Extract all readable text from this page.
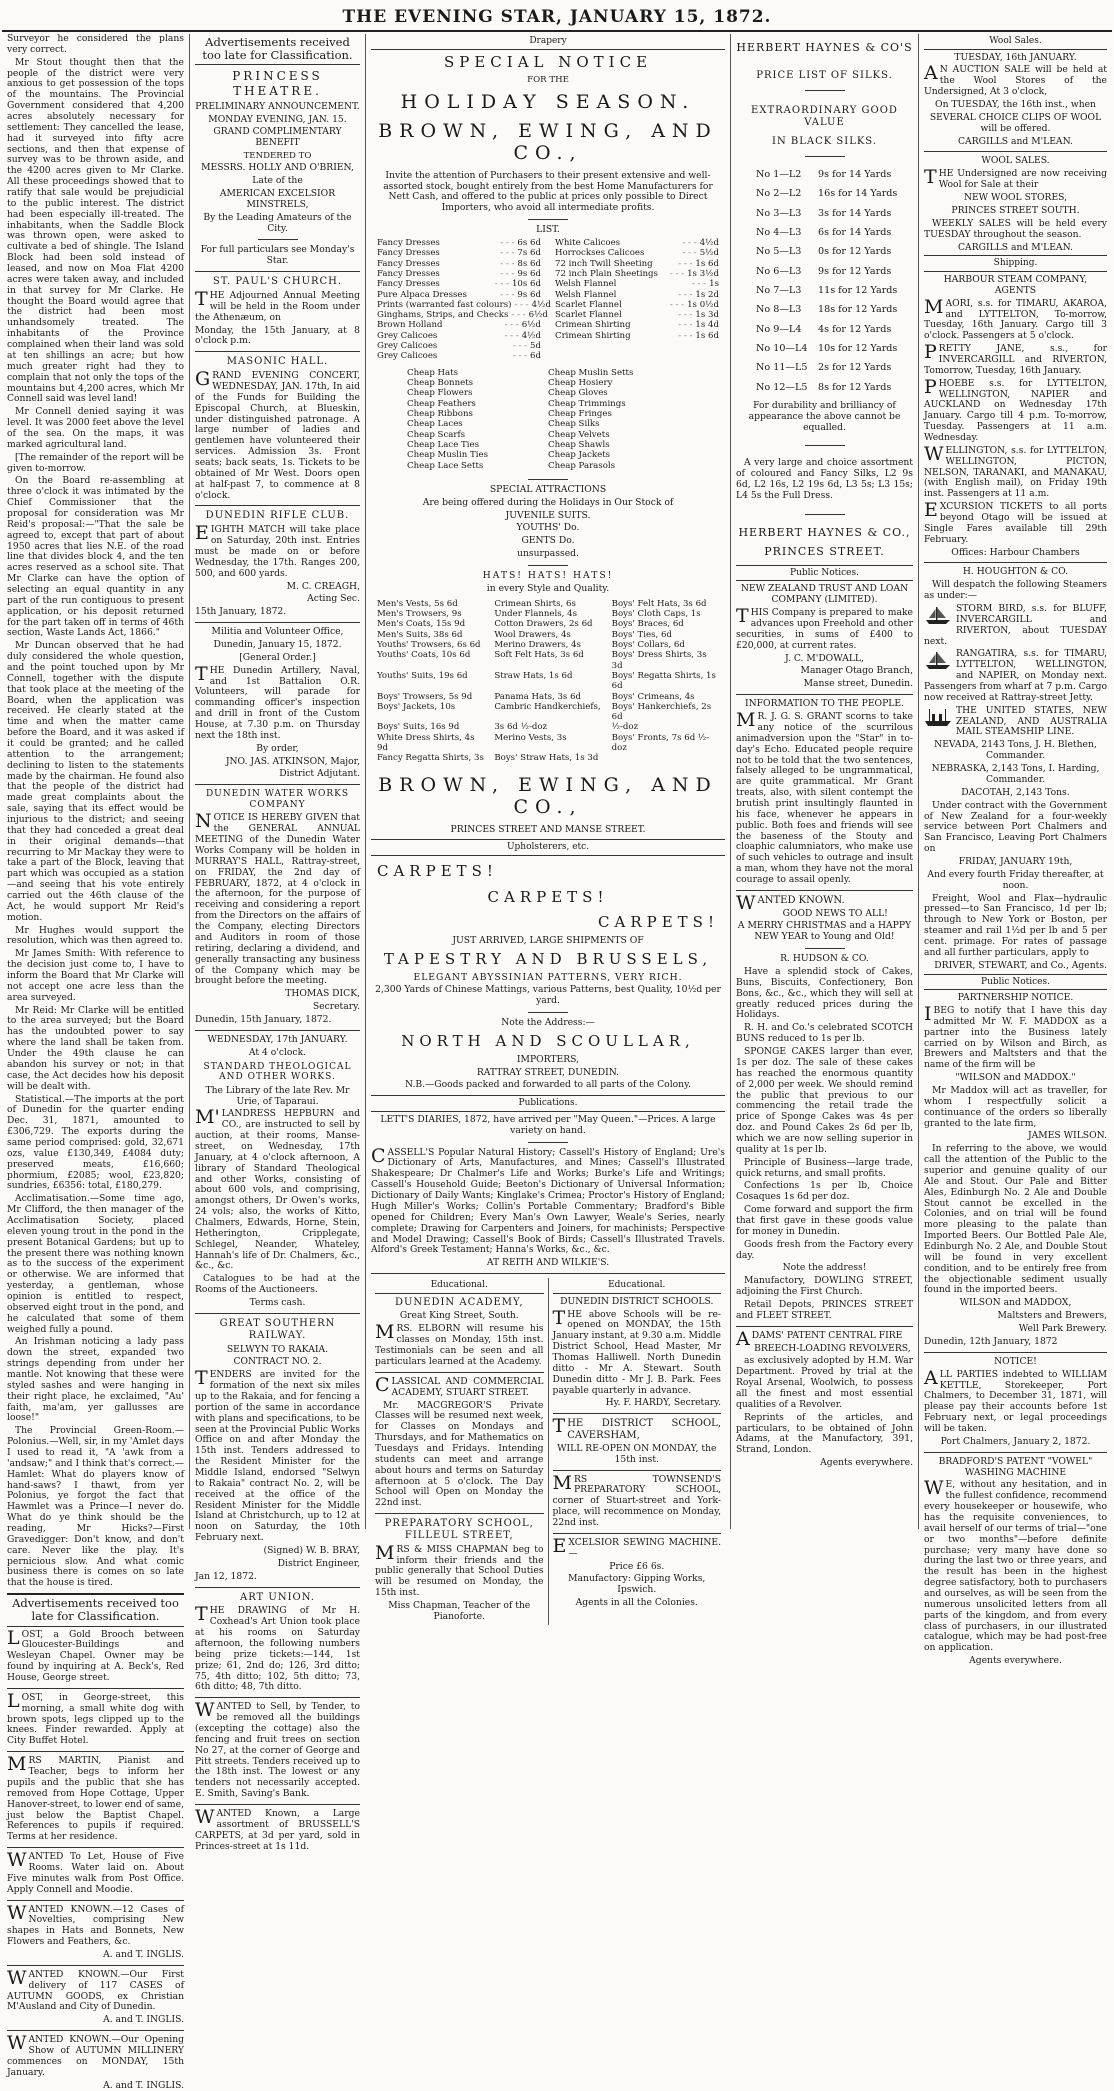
THE EVENING STAR, JANUARY 15, 1872.

Surveyor he considered the plans very correct.

Mr Stout thought then that the people of the district were very anxious to get possession of the tops of the mountains. The Provincial Government considered that 4,200 acres absolutely necessary for settlement: They cancelled the lease, had it surveyed into fifty acre sections, and then that expense of survey was to be thrown aside, and the 4200 acres given to Mr Clarke. All these proceedings showed that to ratify that sale would be prejudicial to the public interest. The district had been especially ill-treated. The inhabitants, when the Saddle Block was thrown open, were asked to cultivate a bed of shingle. The Island Block had been sold instead of leased, and now on Moa Flat 4200 acres were taken away, and included in that survey for Mr Clarke. He thought the Board would agree that the district had been most unhandsomely treated. The inhabitants of the Province complained when their land was sold at ten shillings an acre; but how much greater right had they to complain that not only the tops of the mountains but 4,200 acres, which Mr Connell said was level land!

Mr Connell denied saying it was level. It was 2000 feet above the level of the sea. On the maps, it was marked agricultural land.

[The remainder of the report will be given to-morrow.

On the Board re-assembling at three o'clock it was intimated by the Chief Commissioner that the proposal for consideration was Mr Reid's proposal:—"That the sale be agreed to, except that part of about 1950 acres that lies N.E. of the road line that divides block 4, and the ten acres reserved as a school site. That Mr Clarke can have the option of selecting an equal quantity in any part of the run contiguous to present application, or his deposit returned for the part taken off in terms of 46th section, Waste Lands Act, 1866."

Mr Duncan observed that he had duly considered the whole question, and the point touched upon by Mr Connell, together with the dispute that took place at the meeting of the Board, when the application was received. He clearly stated at the time and when the matter came before the Board, and it was asked if it could be granted; and he called attention to the arrangement; declining to listen to the statements made by the chairman. He found also that the people of the district had made great complaints about the sale, saying that its effect would be injurious to the district; and seeing that they had conceded a great deal in their original demands—that recurring to Mr Mackay they were to take a part of the Block, leaving that part which was occupied as a station—and seeing that his vote entirely carried out the 46th clause of the Act, he would support Mr Reid's motion.

Mr Hughes would support the resolution, which was then agreed to.

Mr James Smith: With reference to the decision just come to, I have to inform the Board that Mr Clarke will not accept one acre less than the area surveyed.

Mr Reid: Mr Clarke will be entitled to the area surveyed; but the Board has the undoubted power to say where the land shall be taken from. Under the 49th clause he can abandon his survey or not; in that case, the Act decides how his deposit will be dealt with.

Statistical.—The imports at the port of Dunedin for the quarter ending Dec. 31, 1871, amounted to £306,729. The exports during the same period comprised: gold, 32,671 ozs, value £130,349, £4084 duty; preserved meats, £16,660; phormium, £2085; wool, £23,820; sundries, £6356: total, £180,279.

Acclimatisation.—Some time ago, Mr Clifford, the then manager of the Acclimatisation Society, placed eleven young trout in the pond in the present Botanical Gardens; but up to the present there was nothing known as to the success of the experiment or otherwise. We are informed that yesterday, a gentleman, whose opinion is entitled to respect, observed eight trout in the pond, and he calculated that some of them weighed fully a pound.

An Irishman noticing a lady pass down the street, expanded two strings depending from under her mantle. Not knowing that these were styled sashes and were hanging in their right place, he exclaimed, "Au' faith, ma'am, yer gallusses are loose!"

The Provincial Green-Room.—Polonius.—Well, sir, in my 'Amlet days I used to read it, "A 'awk from a 'andsaw;" and I think that's correct.—Hamlet: What do players know of hand-saws? I thawt, from yer Polonius, ye forgot the fact that Hawmlet was a Prince—I never do. What do ye think should be the reading, Mr Hicks?—First Gravedigger: Don't know, and don't care. Never like the play. It's pernicious slow. And what comic business there is comes on so late that the house is tired.

Advertisements received too late for Classification.

LOST, a Gold Brooch between Gloucester-Buildings and Wesleyan Chapel. Owner may be found by inquiring at A. Beck's, Red House, George street.

LOST, in George-street, this morning, a small white dog with brown spots, legs clipped up to the knees. Finder rewarded. Apply at City Buffet Hotel.

MRS MARTIN, Pianist and Teacher, begs to inform her pupils and the public that she has removed from Hope Cottage, Upper Hanover-street, to lower end of same, just below the Baptist Chapel. References to pupils if required. Terms at her residence.

WANTED To Let, House of Five Rooms. Water laid on. About Five minutes walk from Post Office. Apply Connell and Moodie.

WANTED KNOWN.—12 Cases of Novelties, comprising New shapes in Hats and Bonnets, New Flowers and Feathers, &c.

A. and T. INGLIS.

WANTED KNOWN.—Our First delivery of 117 CASES of AUTUMN GOODS, ex Christian M'Ausland and City of Dunedin.

A. and T. INGLIS.

WANTED KNOWN.—Our Opening Show of AUTUMN MILLINERY commences on MONDAY, 15th January.

A. and T. INGLIS.

Advertisements received too late for Classification.
PRINCESS THEATRE.

PRELIMINARY ANNOUNCEMENT.

MONDAY EVENING, JAN. 15.

GRAND COMPLIMENTARY BENEFIT

TENDERED TO

MESSRS. HOLLY AND O'BRIEN,

Late of the

AMERICAN EXCELSIOR MINSTRELS,

By the Leading Amateurs of the City.

For full particulars see Monday's Star.

ST. PAUL'S CHURCH.

THE Adjourned Annual Meeting will be held in the Room under the Athenæum, on

Monday, the 15th January, at 8 o'clock p.m.

MASONIC HALL.

GRAND EVENING CONCERT, WEDNESDAY, JAN. 17th, In aid of the Funds for Building the Episcopal Church, at Blueskin, under distinguished patronage. A large number of ladies and gentlemen have volunteered their services. Admission 3s. Front seats; back seats, 1s. Tickets to be obtained of Mr West. Doors open at half-past 7, to commence at 8 o'clock.

DUNEDIN RIFLE CLUB.

EIGHTH MATCH will take place on Saturday, 20th inst. Entries must be made on or before Wednesday, the 17th. Ranges 200, 500, and 600 yards.

M. C. CREAGH,

Acting Sec.

15th January, 1872.

Militia and Volunteer Office,

Dunedin, January 15, 1872.

[General Order.]

THE Dunedin Artillery, Naval, and 1st Battalion O.R. Volunteers, will parade for commanding officer's inspection and drill in front of the Custom House, at 7.30 p.m. on Thursday next the 18th inst.

By order,

JNO. JAS. ATKINSON, Major,

District Adjutant.

DUNEDIN WATER WORKS COMPANY

NOTICE IS HEREBY GIVEN that the GENERAL ANNUAL MEETING of the Dunedin Water Works Company will be holden in MURRAY'S HALL, Rattray-street, on FRIDAY, the 2nd day of FEBRUARY, 1872, at 4 o'clock in the afternoon, for the purpose of receiving and considering a report from the Directors on the affairs of the Company, electing Directors and Auditors in room of those retiring, declaring a dividend, and generally transacting any business of the Company which may be brought before the meeting.

THOMAS DICK,

Secretary.

Dunedin, 15th January, 1872.

WEDNESDAY, 17th JANUARY.

At 4 o'clock.

STANDARD THEOLOGICAL AND OTHER WORKS.

The Library of the late Rev. Mr Urie, of Taparaui.

M'LANDRESS HEPBURN and CO., are instructed to sell by auction, at their rooms, Manse-street, on Wednesday, 17th January, at 4 o'clock afternoon, A library of Standard Theological and other Works, consisting of about 600 vols, and comprising, amongst others, Dr Owen's works, 24 vols; also, the works of Kitto, Chalmers, Edwards, Horne, Stein, Hetherington, Cripplegate, Schlegel, Neander, Whateley, Hannah's life of Dr. Chalmers, &c., &c., &c.

Catalogues to be had at the Rooms of the Auctioneers.

Terms cash.

GREAT SOUTHERN RAILWAY.

SELWYN TO RAKAIA.

CONTRACT NO. 2.

TENDERS are invited for the formation of the next six miles up to the Rakaia, and for fencing a portion of the same in accordance with plans and specifications, to be seen at the Provincial Public Works Office on and after Monday the 15th inst. Tenders addressed to the Resident Minister for the Middle Island, endorsed "Selwyn to Rakaia" contract No. 2, will be received at the office of the Resident Minister for the Middle Island at Christchurch, up to 12 at noon on Saturday, the 10th February next.

(Signed) W. B. BRAY,

District Engineer,

Jan 12, 1872.

ART UNION.

THE DRAWING of Mr H. Coxhead's Art Union took place at his rooms on Saturday afternoon, the following numbers being prize tickets:—144, 1st prize; 61, 2nd do; 126, 3rd ditto; 75, 4th ditto; 102, 5th ditto; 73, 6th ditto; 48, 7th ditto.

WANTED to Sell, by Tender, to be removed all the buildings (excepting the cottage) also the fencing and fruit trees on section No 27, at the corner of George and Pitt streets. Tenders received up to the 18th inst. The lowest or any tenders not necessarily accepted. E. Smith, Saving's Bank.

WANTED Known, a Large assortment of BRUSSELL'S CARPETS, at 3d per yard, sold in Princes-street at 1s 11d.

Drapery
SPECIAL NOTICE

FOR THE

HOLIDAY SEASON.
BROWN, EWING, AND CO.,

Invite the attention of Purchasers to their present extensive and well-assorted stock, bought entirely from the best Home Manufacturers for Nett Cash, and offered to the public at prices only possible to Direct Importers, who avoid all intermediate profits.

LIST.

Fancy Dresses	- - - 6s 6d
Fancy Dresses	- - - 7s 6d
Fancy Dresses	- - - 8s 6d
Fancy Dresses	- - - 9s 6d
Fancy Dresses	- - - 10s 6d
Pure Alpaca Dresses	- - - 9s 6d
Prints (warranted fast colours) - - - 4½d
Ginghams, Strips, and Checks - - - 6½d
Brown Holland	- - - 6½d
Grey Calicoes	- - - 4½d
Grey Calicoes	- - - 5d
Grey Calicoes	- - - 6d
White Calicoes	- - - 4½d
Horrockses Calicoes	- - - 5½d
72 inch Twill Sheeting	- - - 1s 6d
72 inch Plain Sheetings	- - - 1s 3½d
Welsh Flannel	- - - 1s
Welsh Flannel	- - - 1s 2d
Scarlet Flannel	- - - 1s 0½d
Scarlet Flannel	- - - 1s 3d
Crimean Shirting	- - - 1s 4d
Crimean Shirting	- - - 1s 6d
Cheap Hats
Cheap Bonnets
Cheap Flowers
Cheap Feathers
Cheap Ribbons
Cheap Laces
Cheap Scarfs
Cheap Lace Ties
Cheap Muslin Ties
Cheap Lace Setts
Cheap Muslin Setts
Cheap Hosiery
Cheap Gloves
Cheap Trimmings
Cheap Fringes
Cheap Silks
Cheap Velvets
Cheap Shawls
Cheap Jackets
Cheap Parasols

SPECIAL ATTRACTIONS

Are being offered during the Holidays in Our Stock of

JUVENILE SUITS.

YOUTHS' Do.

GENTS Do.

unsurpassed.

HATS! HATS! HATS!

in every Style and Quality.

Men's Vests, 5s 6d	Crimean Shirts, 6s	Boys' Felt Hats, 3s 6d
Men's Trowsers, 9s	Under Flannels, 4s	Boys' Cloth Caps, 1s
Men's Coats, 15s 9d	Cotton Drawers, 2s 6d	Boys' Braces, 6d
Men's Suits, 38s 6d	Wool Drawers, 4s	Boys' Ties, 6d
Youths' Trowsers, 6s 6d	Merino Drawers, 4s	Boys' Collars, 6d
Youths' Coats, 10s 6d	Soft Felt Hats, 3s 6d	Boys' Dress Shirts, 3s 3d
Youths' Suits, 19s 6d	Straw Hats, 1s 6d	Boys' Regatta Shirts, 1s 6d
Boys' Trowsers, 5s 9d	Panama Hats, 3s 6d	Boys' Crimeans, 4s
Boys' Jackets, 10s	Cambric Handkerchiefs, Boys' Hankerchiefs, 2s 6d
Boys' Suits, 16s 9d	3s 6d ½-doz	½-doz
White Dress Shirts, 4s 9d
Merino Vests, 3s	Boys' Fronts, 7s 6d ½-doz
Fancy Regatta Shirts, 3s Boys' Straw Hats, 1s 3d
BROWN, EWING, AND CO.,

PRINCES STREET AND MANSE STREET.

Upholsterers, etc.
CARPETS!
CARPETS!
CARPETS!

JUST ARRIVED, LARGE SHIPMENTS OF

TAPESTRY AND BRUSSELS,

ELEGANT ABYSSINIAN PATTERNS, VERY RICH.

2,300 Yards of Chinese Mattings, various Patterns, best Quality, 10½d per yard.

Note the Address:—

NORTH AND SCOULLAR,

IMPORTERS,

RATTRAY STREET, DUNEDIN.

N.B.—Goods packed and forwarded to all parts of the Colony.

Publications.

LETT'S DIARIES, 1872, have arrived per "May Queen."—Prices. A large variety on hand.

CASSELL'S Popular Natural History; Cassell's History of England; Ure's Dictionary of Arts, Manufactures, and Mines; Cassell's Illustrated Shakespeare; Dr Chalmer's Life and Works; Burke's Life and Writings; Cassell's Household Guide; Beeton's Dictionary of Universal Information; Dictionary of Daily Wants; Kinglake's Crimea; Proctor's History of England; Hugh Miller's Works; Collin's Portable Commentary; Bradford's Bible opened for Children; Every Man's Own Lawyer, Weale's Series, nearly complete; Drawing for Carpenters and Joiners, for machinists; Perspective and Model Drawing; Cassell's Book of Birds; Cassell's Illustrated Travels. Alford's Greek Testament; Hanna's Works, &c., &c.

AT REITH AND WILKIE'S.

Educational.
DUNEDIN ACADEMY,

Great King Street, South.

MRS. ELBORN will resume his classes on Monday, 15th inst. Testimonials can be seen and all particulars learned at the Academy.

CLASSICAL AND COMMERCIAL ACADEMY, STUART STREET.

Mr. MACGREGOR'S Private Classes will be resumed next week, for Classes on Mondays and Thursdays, and for Mathematics on Tuesdays and Fridays. Intending students can meet and arrange about hours and terms on Saturday afternoon at 5 o'clock. The Day School will Open on Monday the 22nd inst.

PREPARATORY SCHOOL, FILLEUL STREET,

MRS & MISS CHAPMAN beg to inform their friends and the public generally that School Duties will be resumed on Monday, the 15th inst.

Miss Chapman, Teacher of the Pianoforte.

Educational.

DUNEDIN DISTRICT SCHOOLS.

THE above Schools will be re-opened on MONDAY, the 15th January instant, at 9.30 a.m. Middle District School, Head Master, Mr Thomas Halliwell. North Dunedin ditto - Mr A. Stewart. South Dunedin ditto - Mr J. B. Park. Fees payable quarterly in advance.

Hy. F. HARDY, Secretary.

THE DISTRICT SCHOOL, CAVERSHAM,

WILL RE-OPEN ON MONDAY, the 15th inst.

MRS TOWNSEND'S PREPARATORY SCHOOL, corner of Stuart-street and York-place, will recommence on Monday, 22nd inst.

EXCELSIOR SEWING MACHINE.—

Price £6 6s.

Manufactory: Gipping Works, Ipswich.

Agents in all the Colonies.

HERBERT HAYNES & CO'S
PRICE LIST OF SILKS.
EXTRAORDINARY GOOD VALUE
IN BLACK SILKS.
No 1—L2	9s for 14 Yards
No 2—L2	16s for 14 Yards
No 3—L3	3s for 14 Yards
No 4—L3	6s for 14 Yards
No 5—L3	0s for 12 Yards
No 6—L3	9s for 12 Yards
No 7—L3	11s for 12 Yards
No 8—L3	18s for 12 Yards
No 9—L4	4s for 12 Yards
No 10—L4	10s for 12 Yards
No 11—L5	2s for 12 Yards
No 12—L5	8s for 12 Yards

For durability and brilliancy of appearance the above cannot be equalled.

A very large and choice assortment of coloured and Fancy Silks, L2 9s 6d, L2 16s, L2 19s 6d, L3 5s; L3 15s; L4 5s the Full Dress.

HERBERT HAYNES & CO.,
PRINCES STREET.
Public Notices.

NEW ZEALAND TRUST AND LOAN COMPANY (LIMITED).

THIS Company is prepared to make advances upon Freehold and other securities, in sums of £400 to £20,000, at current rates.

J. C. M'DOWALL,

Manager Otago Branch,

Manse street, Dunedin.

INFORMATION TO THE PEOPLE.

MR. J. G. S. GRANT scorns to take any notice of the scurrilous animadversion upon the "Star" in to-day's Echo. Educated people require not to be told that the two sentences, falsely alleged to be ungrammatical, are quite grammatical. Mr Grant treats, also, with silent contempt the brutish print insultingly flaunted in his face, whenever he appears in public. Both foes and friends will see the baseness of the Stouty and cloaphic calumniators, who make use of such vehicles to outrage and insult a man, whom they have not the moral courage to assail openly.

WANTED KNOWN.

GOOD NEWS TO ALL!

A MERRY CHRISTMAS and a HAPPY NEW YEAR to Young and Old!

R. HUDSON & CO.

Have a splendid stock of Cakes, Buns, Biscuits, Confectionery, Bon Bons, &c., &c., which they will sell at greatly reduced prices during the Holidays.

R. H. and Co.'s celebrated SCOTCH BUNS reduced to 1s per lb.

SPONGE CAKES larger than ever, 1s per doz. The sale of these cakes has reached the enormous quantity of 2,000 per week. We should remind the public that previous to our commencing the retail trade the price of Sponge Cakes was 4s per doz. and Pound Cakes 2s 6d per lb, which we are now selling superior in quality at 1s per lb.

Principle of Business—large trade, quick returns, and small profits.

Confections 1s per lb, Choice Cosaques 1s 6d per doz.

Come forward and support the firm that first gave in these goods value for money in Dunedin.

Goods fresh from the Factory every day.

Note the address!

Manufactory, DOWLING STREET, adjoining the First Church.

Retail Depots, PRINCES STREET and FLEET STREET.

ADAMS' PATENT CENTRAL FIRE

BREECH-LOADING REVOLVERS,

as exclusively adopted by H.M. War Department. Proved by trial at the Royal Arsenal, Woolwich, to possess all the finest and most essential qualities of a Revolver.

Reprints of the articles, and particulars, to be obtained of John Adams, at the Manufactory, 391, Strand, London.

Agents everywhere.

Wool Sales.

TUESDAY, 16th JANUARY.

AN AUCTION SALE will be held at the Wool Stores of the Undersigned, At 3 o'clock,

On TUESDAY, the 16th inst., when

SEVERAL CHOICE CLIPS OF WOOL will be offered.

CARGILLS and M'LEAN.

WOOL SALES.

THE Undersigned are now receiving Wool for Sale at their

NEW WOOL STORES,

PRINCES STREET SOUTH.

WEEKLY SALES will be held every TUESDAY throughout the season.

CARGILLS and M'LEAN.

Shipping.

HARBOUR STEAM COMPANY, AGENTS

MAORI, s.s. for TIMARU, AKAROA, and LYTTELTON, To-morrow, Tuesday, 16th January. Cargo till 3 o'clock. Passengers at 5 o'clock.

PRETTY JANE, s.s., for INVERCARGILL and RIVERTON, Tomorrow, Tuesday, 16th January.

PHOEBE s.s. for LYTTELTON, WELLINGTON, NAPIER and AUCKLAND on Wednesday 17th January. Cargo till 4 p.m. To-morrow, Tuesday. Passengers at 11 a.m. Wednesday.

WELLINGTON, s.s. for LYTTELTON, WELLINGTON, PICTON, NELSON, TARANAKI, and MANAKAU, (with English mail), on Friday 19th inst. Passengers at 11 a.m.

EXCURSION TICKETS to all ports beyond Otago will be issued at Single Fares available till 29th February.

Offices: Harbour Chambers

H. HOUGHTON & CO.

Will despatch the following Steamers as under:—

STORM BIRD, s.s. for BLUFF, INVERCARGILL and RIVERTON, about TUESDAY next.

RANGATIRA, s.s. for TIMARU, LYTTELTON, WELLINGTON, and NAPIER, on Monday next. Passengers from wharf at 7 p.m. Cargo now received at Rattray-street Jetty.

THE UNITED STATES, NEW ZEALAND, AND AUSTRALIA MAIL STEAMSHIP LINE.

NEVADA, 2143 Tons, J. H. Blethen, Commander.

NEBRASKA, 2,143 Tons, I. Harding, Commander.

DACOTAH, 2,143 Tons.

Under contract with the Government of New Zealand for a four-weekly service between Port Chalmers and San Francisco, Leaving Port Chalmers on

FRIDAY, JANUARY 19th,

And every fourth Friday thereafter, at noon.

Freight, Wool and Flax—hydraulic pressed—to San Francisco, 1d per lb; through to New York or Boston, per steamer and rail 1½d per lb and 5 per cent. primage. For rates of passage and all further particulars, apply to

DRIVER, STEWART, and Co., Agents.

Public Notices.

PARTNERSHIP NOTICE.

IBEG to notify that I have this day admitted Mr W. F. MADDOX as a partner into the Business lately carried on by Wilson and Birch, as Brewers and Maltsters and that the name of the firm will be

"WILSON and MADDOX."

Mr Maddox will act as traveller, for whom I respectfully solicit a continuance of the orders so liberally granted to the late firm,

JAMES WILSON.

In referring to the above, we would call the attention of the Public to the superior and genuine quality of our Ale and Stout. Our Pale and Bitter Ales, Edinburgh No. 2 Ale and Double Stout cannot be excelled in the Colonies, and on trial will be found more pleasing to the palate than Imported Beers. Our Bottled Pale Ale, Edinburgh No. 2 Ale, and Double Stout will be found in very excellent condition, and to be entirely free from the objectionable sediment usually found in the imported beers.

WILSON and MADDOX,

Maltsters and Brewers,

Well Park Brewery.

Dunedin, 12th January, 1872

NOTICE!

ALL PARTIES indebted to WILLIAM KETTLE, Storekeeper, Port Chalmers, to December 31, 1871, will please pay their accounts before 1st February next, or legal proceedings will be taken.

Port Chalmers, January 2, 1872.

BRADFORD'S PATENT "VOWEL" WASHING MACHINE

WE, without any hesitation, and in the fullest confidence, recommend every housekeeper or housewife, who has the requisite conveniences, to avail herself of our terms of trial—"one or two months"—before definite purchase; very many have done so during the last two or three years, and the result has been in the highest degree satisfactory, both to purchasers and ourselves, as will be seen from the numerous unsolicited letters from all parts of the kingdom, and from every class of purchasers, in our illustrated catalogue, which may be had post-free on application.

Agents everywhere.
